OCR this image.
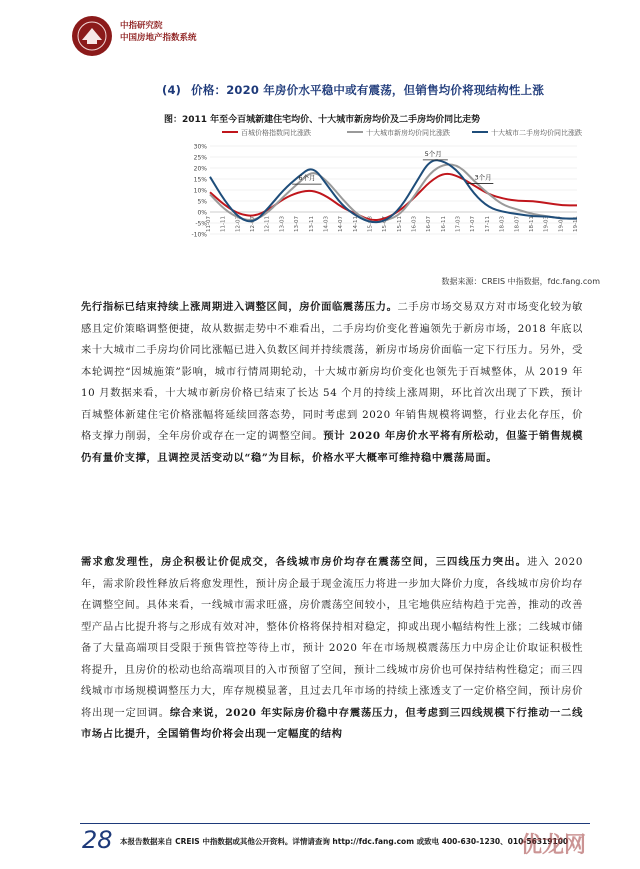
中指研究院
中国房地产指数系统
(4) 价格：2020 年房价水平稳中或有震荡，但销售均价将现结构性上涨
图：2011 年至今百城新建住宅均价、十大城市新房均价及二手房均价同比走势
百城价格指数同比涨跌	十大城市新房均价同比涨跌	十大城市二手房均价同比涨跌
30%
25%
20%
15%
10%
5%
0%
-5%
-10%
11-07 11-11 12-03 12-07 12-11 13-03 13-07 13-11 14-03 14-07 14-11 15-03 15-07 15-11 16-03 16-07 16-11 17-03 17-07 17-11 18-03 18-07 18-11 19-03 19-07 19-11
6个月
5个月
3个月
数据来源：CREIS 中指数据，fdc.fang.com
先行指标已结束持续上涨周期进入调整区间，房价面临震荡压力。二手房市场交易双方对市场变化较为敏感且定价策略调整便捷，故从数据走势中不难看出，二手房均价变化普遍领先于新房市场，2018 年底以来十大城市二手房均价同比涨幅已进入负数区间并持续震荡，新房市场房价面临一定下行压力。另外，受本轮调控“因城施策”影响，城市行情周期轮动，十大城市新房均价变化也领先于百城整体，从 2019 年 10 月数据来看，十大城市新房价格已结束了长达 54 个月的持续上涨周期，环比首次出现了下跌，预计百城整体新建住宅价格涨幅将延续回落态势，同时考虑到 2020 年销售规模将调整，行业去化存压，价格支撑力削弱，全年房价或存在一定的调整空间。预计 2020 年房价水平将有所松动，但鉴于销售规模仍有量价支撑，且调控灵活变动以“稳”为目标，价格水平大概率可维持稳中震荡局面。
需求愈发理性，房企积极让价促成交，各线城市房价均存在震荡空间，三四线压力突出。进入 2020 年，需求阶段性释放后将愈发理性，预计房企最于现金流压力将进一步加大降价力度，各线城市房价均存在调整空间。具体来看，一线城市需求旺盛，房价震荡空间较小，且宅地供应结构趋于完善，推动的改善型产品占比提升将与之形成有效对冲，整体价格将保持相对稳定，抑或出现小幅结构性上涨；二线城市储备了大量高端项目受限于预售管控等待上市，预计 2020 年在市场规模震荡压力中房企让价取证积极性将提升，且房价的松动也给高端项目的入市预留了空间，预计二线城市房价也可保持结构性稳定；而三四线城市市场规模调整压力大，库存规模显著，且过去几年市场的持续上涨透支了一定价格空间，预计房价将出现一定回调。综合来说，2020 年实际房价稳中存震荡压力，但考虑到三四线规模下行推动一二线市场占比提升，全国销售均价将会出现一定幅度的结构
28 本报告数据来自 CREIS 中指数据或其他公开资料。详情请查询 http://fdc.fang.com 或致电 400-630-1230、010-56319100
优龙网
